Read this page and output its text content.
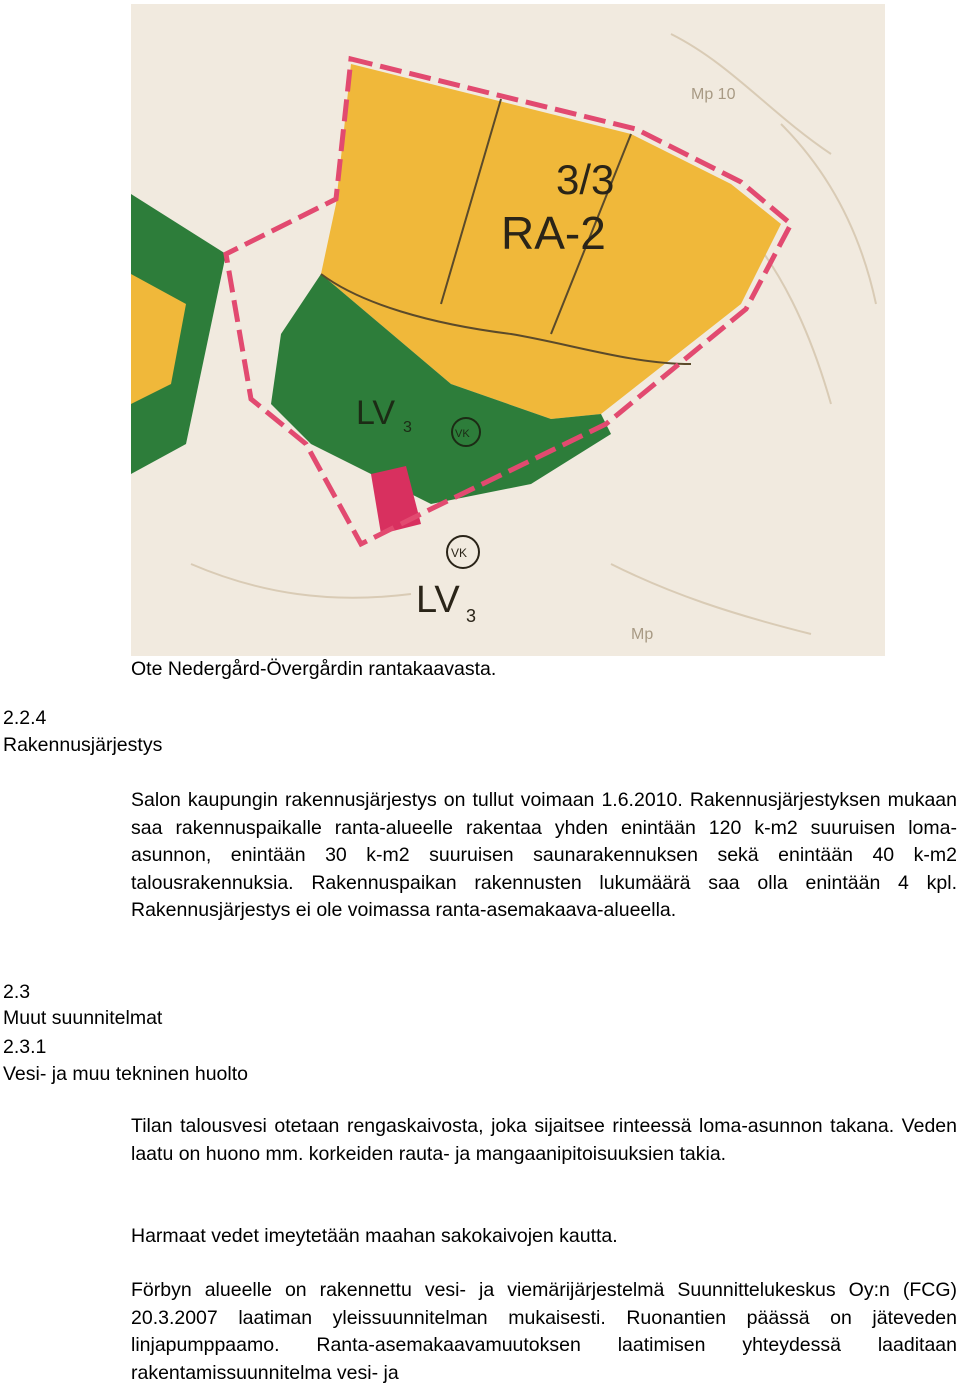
3/3
RA-2
LV 3	VK
VK
LV 3
Mp 10
Mp
Ote Nedergård-Övergårdin rantakaavasta.
2.2.4
Rakennusjärjestys

Salon kaupungin rakennusjärjestys on tullut voimaan 1.6.2010. Rakennusjärjestyksen mukaan saa rakennuspaikalle ranta-alueelle rakentaa yhden enintään 120 k-m2 suuruisen loma-asunnon, enintään 30 k-m2 suuruisen saunarakennuksen sekä enintään 40 k-m2 talousrakennuksia. Rakennuspaikan rakennusten lukumäärä saa olla enintään 4 kpl. Rakennusjärjestys ei ole voimassa ranta-asemakaava-alueella.

2.3
Muut suunnitelmat
2.3.1
Vesi- ja muu tekninen huolto

Tilan talousvesi otetaan rengaskaivosta, joka sijaitsee rinteessä loma-asunnon takana. Veden laatu on huono mm. korkeiden rauta- ja mangaanipitoisuuksien takia.

Harmaat vedet imeytetään maahan sakokaivojen kautta.

Förbyn alueelle on rakennettu vesi- ja viemärijärjestelmä Suunnittelukeskus Oy:n (FCG) 20.3.2007 laatiman yleissuunnitelman mukaisesti. Ruonantien päässä on jäteveden linjapumppaamo. Ranta-asemakaavamuutoksen laatimisen yhteydessä laaditaan rakentamissuunnitelma vesi- ja
